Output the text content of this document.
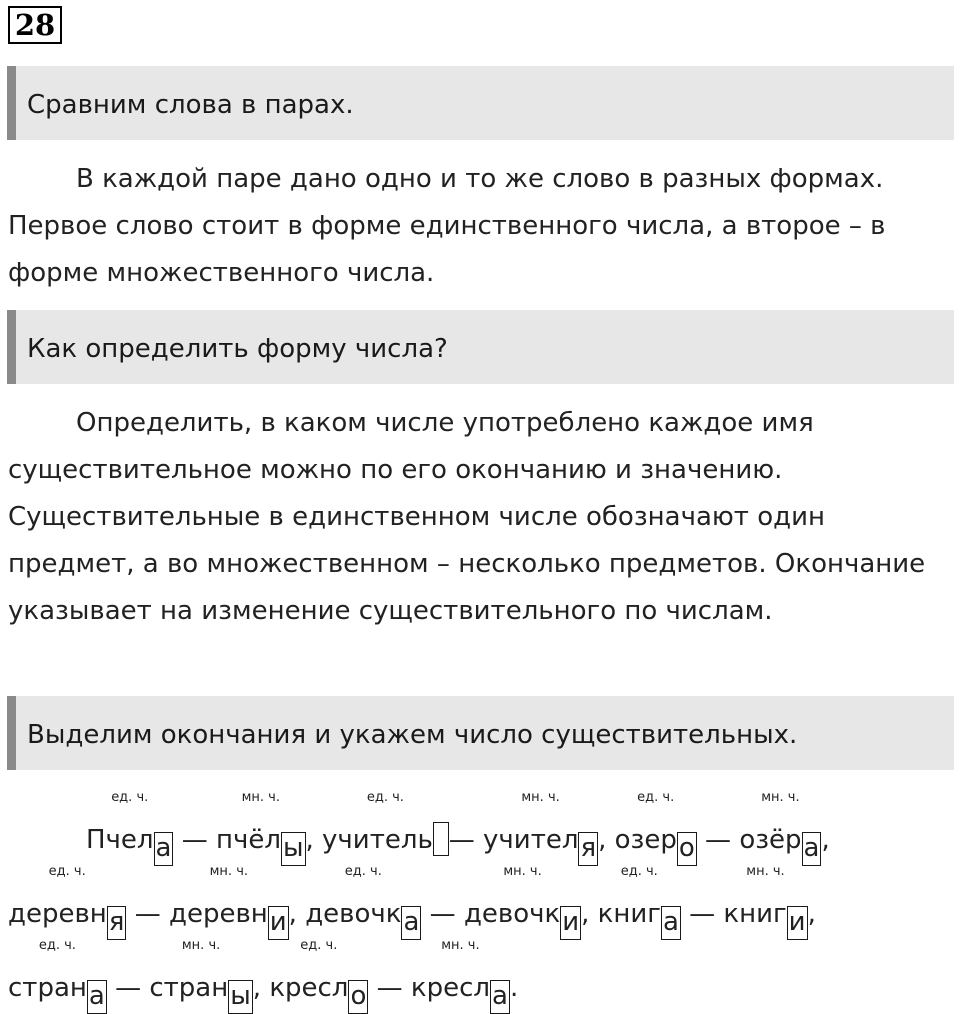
28
Сравним слова в парах.

В каждой паре дано одно и то же слово в разных формах. Первое слово стоит в форме единственного числа, а второе – в форме множественного числа.

Как определить форму числа?

Определить, в каком числе употреблено каждое имя существительное можно по его окончанию и значению. Существительные в единственном числе обозначают один предмет, а во множественном – несколько предметов. Окончание указывает на изменение существительного по числам.

Выделим окончания и укажем число существительных.
Пчела — пчёлы, учитель — учителя, озеро — озёра,
ед. ч.	мн. ч.	ед. ч.	мн. ч.	ед. ч.	мн. ч.
деревня — деревни, девочка — девочки, книга — книги,
ед. ч.	мн. ч.	ед. ч.	мн. ч.	ед. ч.	мн. ч.
страна — страны, кресло — кресла.
ед. ч.	мн. ч.	ед. ч.	мн. ч.
